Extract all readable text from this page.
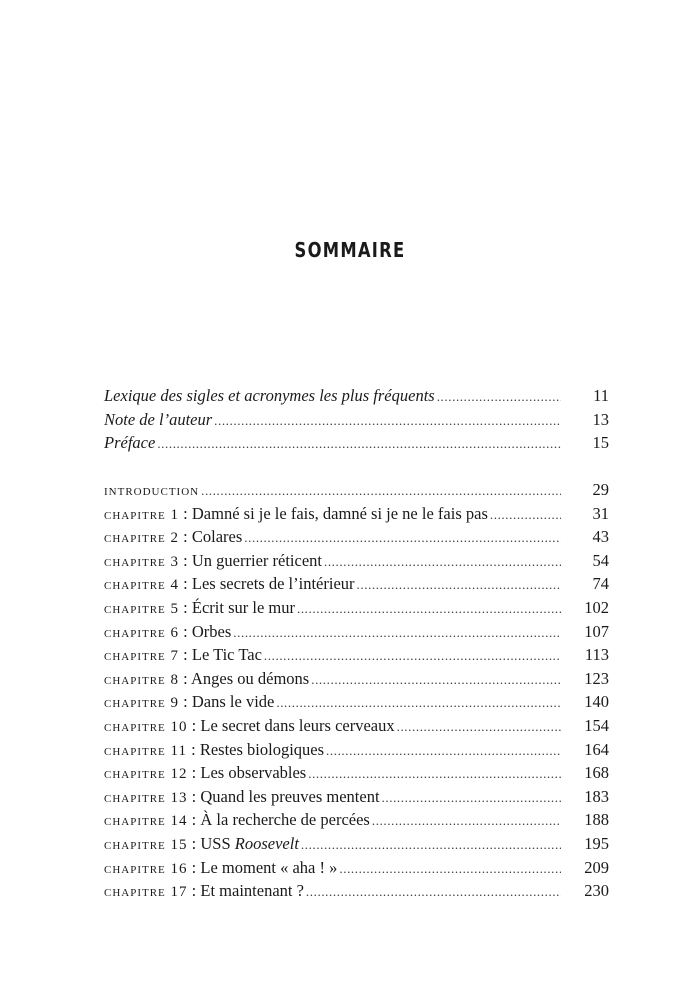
SOMMAIRE
Lexique des sigles et acronymes les plus fréquents .....	11
Note de l’auteur .....	13
Préface .....	15
introduction .....	29
chapitre 1 : Damné si je le fais, damné si je ne le fais pas .....	31
chapitre 2 : Colares .....	43
chapitre 3 : Un guerrier réticent .....	54
chapitre 4 : Les secrets de l’intérieur .....	74
chapitre 5 : Écrit sur le mur .....	102
chapitre 6 : Orbes .....	107
chapitre 7 : Le Tic Tac .....	113
chapitre 8 : Anges ou démons .....	123
chapitre 9 : Dans le vide .....	140
chapitre 10 : Le secret dans leurs cerveaux .....	154
chapitre 11 : Restes biologiques .....	164
chapitre 12 : Les observables .....	168
chapitre 13 : Quand les preuves mentent .....	183
chapitre 14 : À la recherche de percées .....	188
chapitre 15 : USS Roosevelt .....	195
chapitre 16 : Le moment « aha ! » .....	209
chapitre 17 : Et maintenant ? .....	230
